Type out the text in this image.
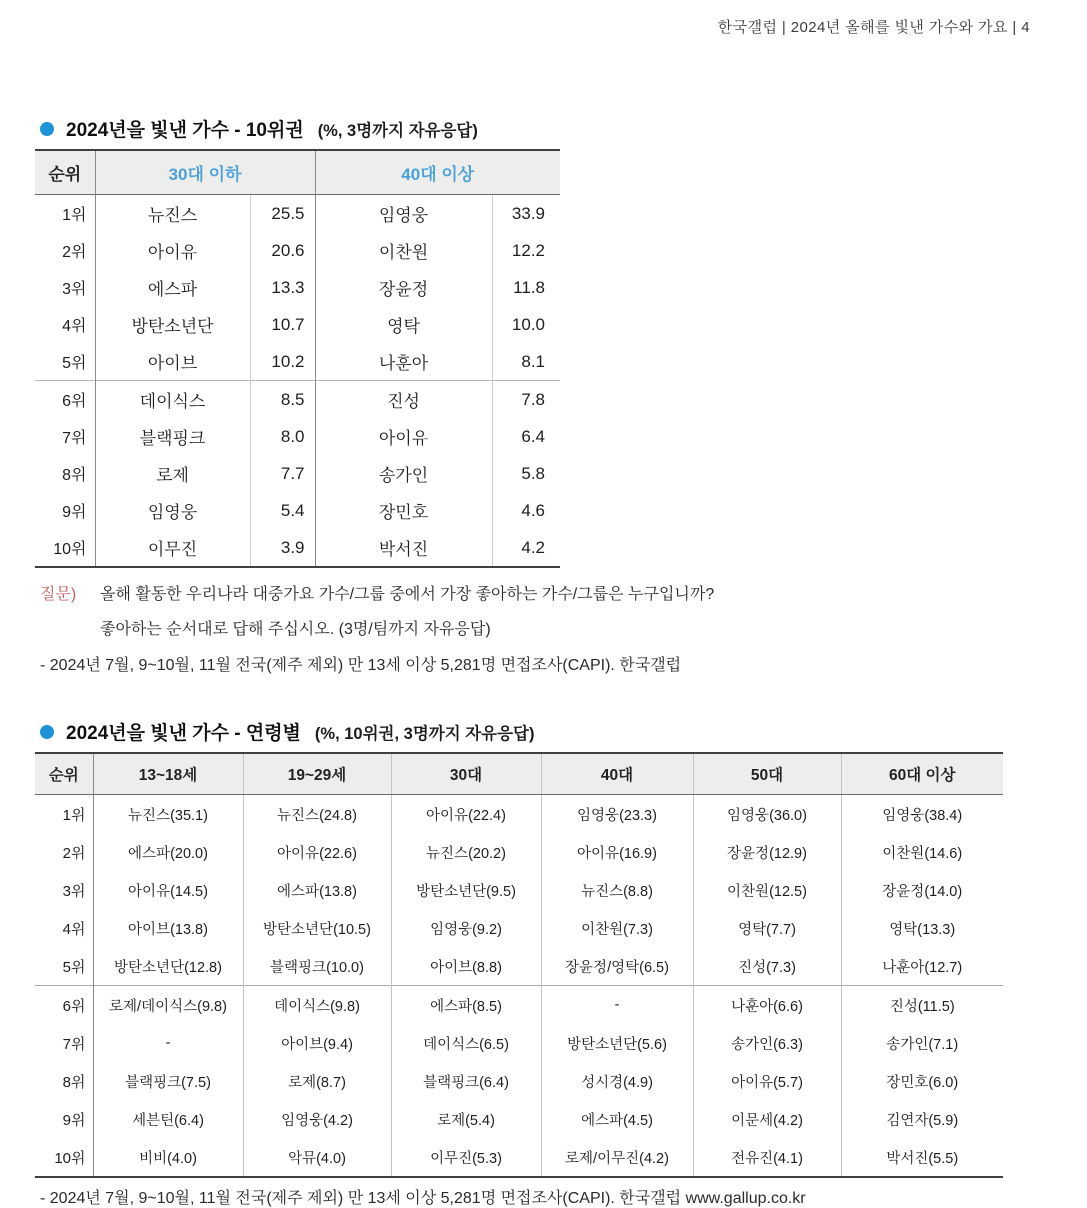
한국갤럽 | 2024년 올해를 빛낸 가수와 가요 | 4
2024년을 빛낸 가수 - 10위권 (%, 3명까지 자유응답)
순위	30대 이하		40대 이상	
1위	뉴진스	25.5	임영웅	33.9
2위	아이유	20.6	이찬원	12.2
3위	에스파	13.3	장윤정	11.8
4위	방탄소년단	10.7	영탁	10.0
5위	아이브	10.2	나훈아	8.1
6위	데이식스	8.5	진성	7.8
7위	블랙핑크	8.0	아이유	6.4
8위	로제	7.7	송가인	5.8
9위	임영웅	5.4	장민호	4.6
10위	이무진	3.9	박서진	4.2
질문)	올해 활동한 우리나라 대중가요 가수/그룹 중에서 가장 좋아하는 가수/그룹은 누구입니까?
좋아하는 순서대로 답해 주십시오. (3명/팀까지 자유응답)
- 2024년 7월, 9~10월, 11월 전국(제주 제외) 만 13세 이상 5,281명 면접조사(CAPI). 한국갤럽
2024년을 빛낸 가수 - 연령별 (%, 10위권, 3명까지 자유응답)
순위	13~18세	19~29세	30대	40대	50대	60대 이상
1위	뉴진스(35.1)	뉴진스(24.8)	아이유(22.4)	임영웅(23.3)	임영웅(36.0)	임영웅(38.4)
2위	에스파(20.0)	아이유(22.6)	뉴진스(20.2)	아이유(16.9)	장윤정(12.9)	이찬원(14.6)
3위	아이유(14.5)	에스파(13.8)	방탄소년단(9.5)	뉴진스(8.8)	이찬원(12.5)	장윤정(14.0)
4위	아이브(13.8)	방탄소년단(10.5)	임영웅(9.2)	이찬원(7.3)	영탁(7.7)	영탁(13.3)
5위	방탄소년단(12.8)	블랙핑크(10.0)	아이브(8.8)	장윤정/영탁(6.5)	진성(7.3)	나훈아(12.7)
6위	로제/데이식스(9.8)	데이식스(9.8)	에스파(8.5)	-	나훈아(6.6)	진성(11.5)
7위	-	아이브(9.4)	데이식스(6.5)	방탄소년단(5.6)	송가인(6.3)	송가인(7.1)
8위	블랙핑크(7.5)	로제(8.7)	블랙핑크(6.4)	성시경(4.9)	아이유(5.7)	장민호(6.0)
9위	세븐틴(6.4)	임영웅(4.2)	로제(5.4)	에스파(4.5)	이문세(4.2)	김연자(5.9)
10위	비비(4.0)	악뮤(4.0)	이무진(5.3)	로제/이무진(4.2)	전유진(4.1)	박서진(5.5)
- 2024년 7월, 9~10월, 11월 전국(제주 제외) 만 13세 이상 5,281명 면접조사(CAPI). 한국갤럽 www.gallup.co.kr
